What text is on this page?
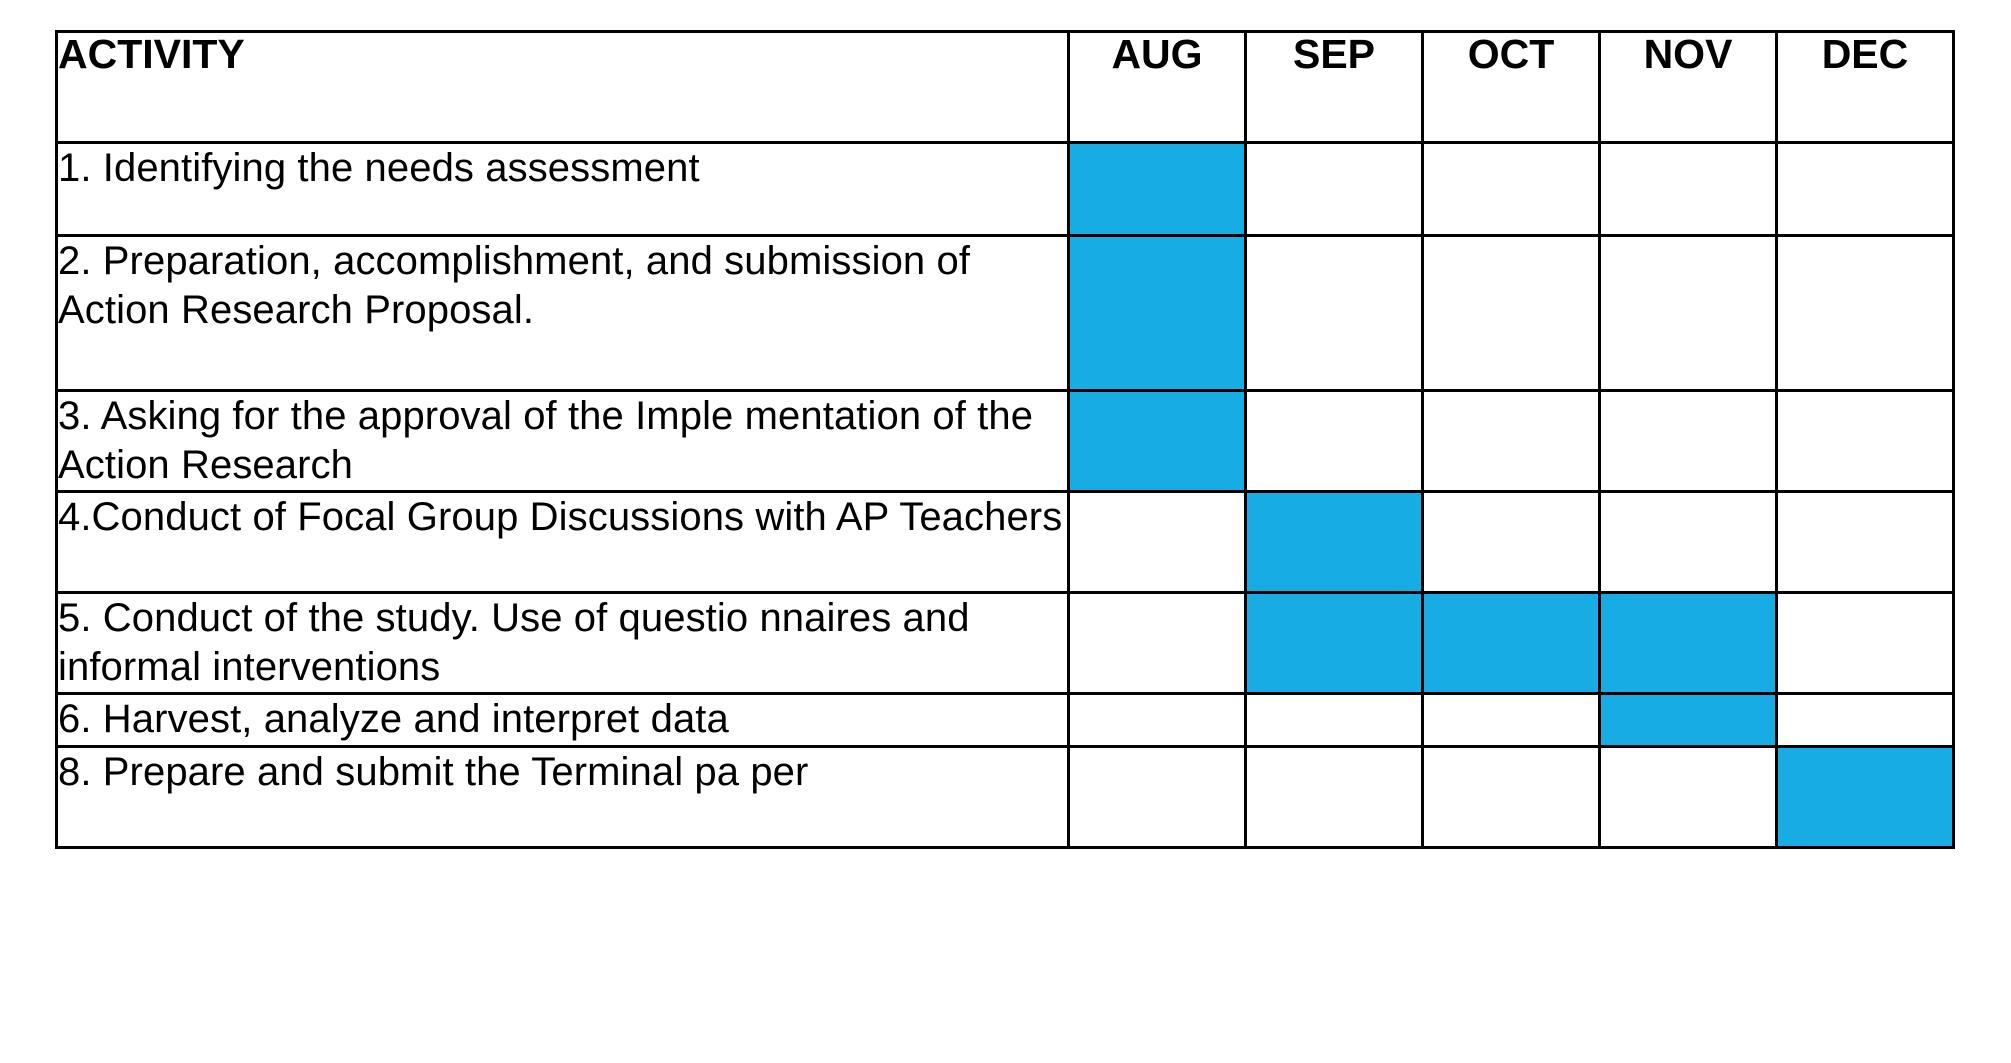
ACTIVITY	AUG	SEP	OCT	NOV	DEC
1. Identifying the needs assessment					
2. Preparation, accomplishment, and submission of Action Research Proposal.					
3. Asking for the approval of the Imple mentation of the Action Research					
4.Conduct of Focal Group Discussions with AP Teachers					
5. Conduct of the study. Use of questio nnaires and informal interventions					
6. Harvest, analyze and interpret data					
8. Prepare and submit the Terminal pa per					
